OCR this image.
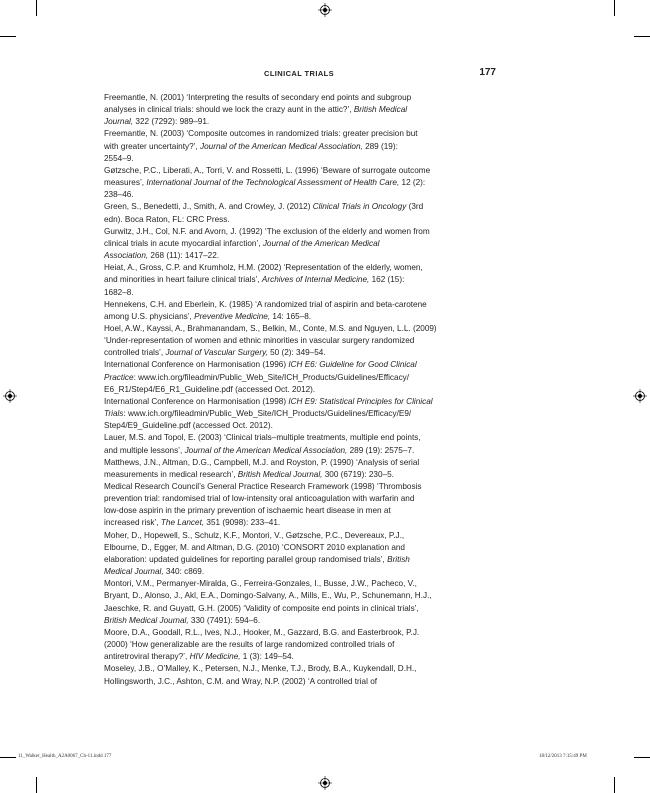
CLINICAL TRIALS	177

Freemantle, N. (2001) ‘Interpreting the results of secondary end points and subgroup
analyses in clinical trials: should we lock the crazy aunt in the attic?’, British Medical
Journal, 322 (7292): 989–91.

Freemantle, N. (2003) ‘Composite outcomes in randomized trials: greater precision but
with greater uncertainty?’, Journal of the American Medical Association, 289 (19):
2554–9.

Gøtzsche, P.C., Liberati, A., Torri, V. and Rossetti, L. (1996) ‘Beware of surrogate outcome
measures’, International Journal of the Technological Assessment of Health Care, 12 (2):
238–46.

Green, S., Benedetti, J., Smith, A. and Crowley, J. (2012) Clinical Trials in Oncology (3rd
edn). Boca Raton, FL: CRC Press.

Gurwitz, J.H., Col, N.F. and Avorn, J. (1992) ‘The exclusion of the elderly and women from
clinical trials in acute myocardial infarction’, Journal of the American Medical
Association, 268 (11): 1417–22.

Heiat, A., Gross, C.P. and Krumholz, H.M. (2002) ‘Representation of the elderly, women,
and minorities in heart failure clinical trials’, Archives of Internal Medicine, 162 (15):
1682–8.

Hennekens, C.H. and Eberlein, K. (1985) ‘A randomized trial of aspirin and beta-carotene
among U.S. physicians’, Preventive Medicine, 14: 165–8.

Hoel, A.W., Kayssi, A., Brahmanandam, S., Belkin, M., Conte, M.S. and Nguyen, L.L. (2009)
‘Under-representation of women and ethnic minorities in vascular surgery randomized
controlled trials’, Journal of Vascular Surgery, 50 (2): 349–54.

International Conference on Harmonisation (1996) ICH E6: Guideline for Good Clinical
Practice: www.ich.org/fileadmin/Public_Web_Site/ICH_Products/Guidelines/Efficacy/
E6_R1/Step4/E6_R1_Guideline.pdf (accessed Oct. 2012).

International Conference on Harmonisation (1998) ICH E9: Statistical Principles for Clinical
Trials: www.ich.org/fileadmin/Public_Web_Site/ICH_Products/Guidelines/Efficacy/E9/
Step4/E9_Guideline.pdf (accessed Oct. 2012).

Lauer, M.S. and Topol, E. (2003) ‘Clinical trials–multiple treatments, multiple end points,
and multiple lessons’, Journal of the American Medical Association, 289 (19): 2575–7.

Matthews, J.N., Altman, D.G., Campbell, M.J. and Royston, P. (1990) ‘Analysis of serial
measurements in medical research’, British Medical Journal, 300 (6719): 230–5.

Medical Research Council’s General Practice Research Framework (1998) ‘Thrombosis
prevention trial: randomised trial of low-intensity oral anticoagulation with warfarin and
low-dose aspirin in the primary prevention of ischaemic heart disease in men at
increased risk’, The Lancet, 351 (9098): 233–41.

Moher, D., Hopewell, S., Schulz, K.F., Montori, V., Gøtzsche, P.C., Devereaux, P.J.,
Elbourne, D., Egger, M. and Altman, D.G. (2010) ‘CONSORT 2010 explanation and
elaboration: updated guidelines for reporting parallel group randomised trials’, British
Medical Journal, 340: c869.

Montori, V.M., Permanyer-Miralda, G., Ferreira-Gonzales, I., Busse, J.W., Pacheco, V.,
Bryant, D., Alonso, J., Akl, E.A., Domingo-Salvany, A., Mills, E., Wu, P., Schunemann, H.J.,
Jaeschke, R. and Guyatt, G.H. (2005) ‘Validity of composite end points in clinical trials’,
British Medical Journal, 330 (7491): 594–6.

Moore, D.A., Goodall, R.L., Ives, N.J., Hooker, M., Gazzard, B.G. and Easterbrook, P.J.
(2000) ‘How generalizable are the results of large randomized controlled trials of
antiretroviral therapy?’, HIV Medicine, 1 (3): 149–54.

Moseley, J.B., O’Malley, K., Petersen, N.J., Menke, T.J., Brody, B.A., Kuykendall, D.H.,
Hollingsworth, J.C., Ashton, C.M. and Wray, N.P. (2002) ‘A controlled trial of

11_Walker_Health_A2A0067_Ch-11.indd 177	18/12/2013 7:15:49 PM
